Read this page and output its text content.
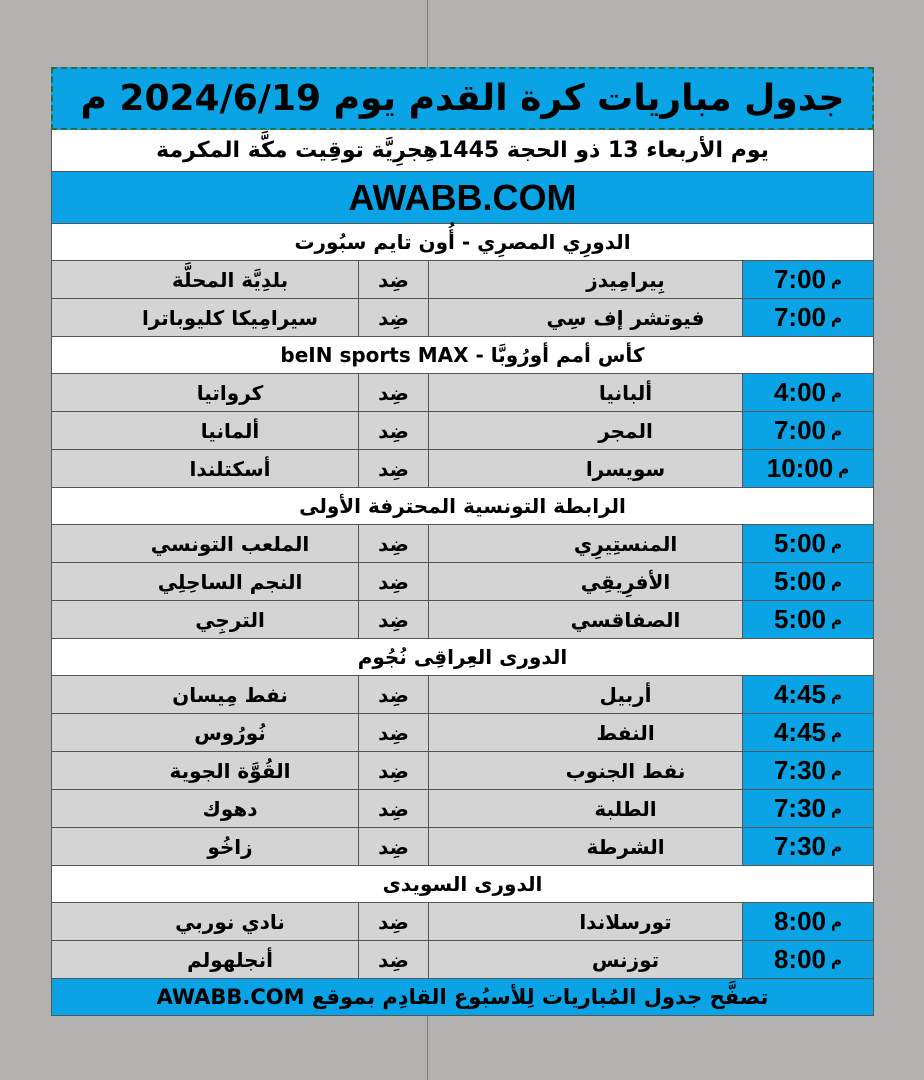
جدول مباريات كرة القدم يوم 2024/6/19 م
يوم الأربعاء 13 ذو الحجة 1445هِجرِيَّة توقِيت مكَّة المكرمة
AWABB.COM
الدورِي المصرِي - أُون تايم سبُورت
7:00 م
بِيرامِيدز
ضِد
بلدِيَّة المحلَّة
7:00 م
فيوتشر إف سِي
ضِد
سيرامِيكا كليوباترا
كأس أمم أورُوبَّا - beIN sports MAX
4:00 م
ألبانيا
ضِد
كرواتيا
7:00 م
المجر
ضِد
ألمانيا
10:00 م
سويسرا
ضِد
أسكتلندا
الرابطة التونسية المحترفة الأولى
5:00 م
المنستِيرِي
ضِد
الملعب التونسي
5:00 م
الأفرِيقِي
ضِد
النجم الساحِلِي
5:00 م
الصفاقسي
ضِد
الترجِي
الدورى العِراقِى نُجُوم
4:45 م
أربيل
ضِد
نفط مِيسان
4:45 م
النفط
ضِد
نُورُوس
7:30 م
نفط الجنوب
ضِد
القُوَّة الجوية
7:30 م
الطلبة
ضِد
دهوك
7:30 م
الشرطة
ضِد
زاخُو
الدورى السويدى
8:00 م
تورسلاندا
ضِد
نادي نوربي
8:00 م
توزنس
ضِد
أنجلهولم
تصفَّح جدول المُباريات لِلأسبُوع القادِم بموقع AWABB.COM
